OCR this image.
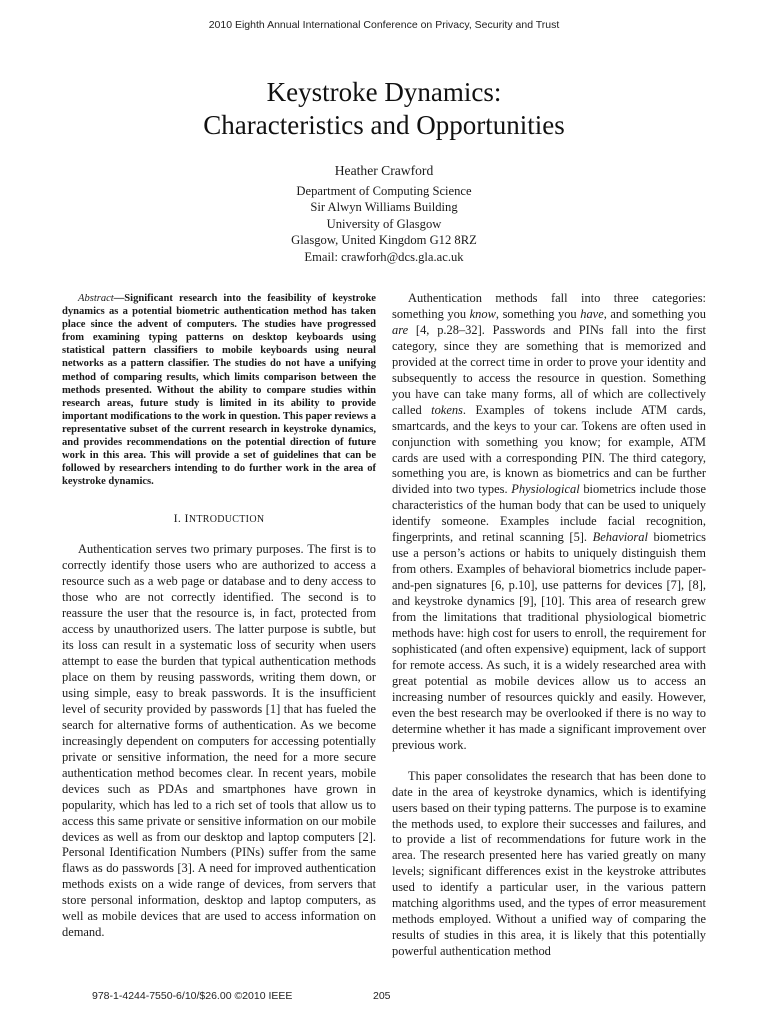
2010 Eighth Annual International Conference on Privacy, Security and Trust
Keystroke Dynamics:
Characteristics and Opportunities
Heather Crawford
Department of Computing Science
Sir Alwyn Williams Building
University of Glasgow
Glasgow, United Kingdom G12 8RZ
Email: crawforh@dcs.gla.ac.uk
Abstract—Significant research into the feasibility of keystroke dynamics as a potential biometric authentication method has taken place since the advent of computers. The studies have progressed from examining typing patterns on desktop keyboards using statistical pattern classifiers to mobile keyboards using neural networks as a pattern classifier. The studies do not have a unifying method of comparing results, which limits comparison between the methods presented. Without the ability to compare studies within research areas, future study is limited in its ability to provide important modifications to the work in question. This paper reviews a representative subset of the current research in keystroke dynamics, and provides recommendations on the potential direction of future work in this area. This will provide a set of guidelines that can be followed by researchers intending to do further work in the area of keystroke dynamics.
I. INTRODUCTION

Authentication serves two primary purposes. The first is to correctly identify those users who are authorized to access a resource such as a web page or database and to deny access to those who are not correctly identified. The second is to reassure the user that the resource is, in fact, protected from access by unauthorized users. The latter purpose is subtle, but its loss can result in a systematic loss of security when users attempt to ease the burden that typical authentication methods place on them by reusing passwords, writing them down, or using simple, easy to break passwords. It is the insufficient level of security provided by passwords [1] that has fueled the search for alternative forms of authentication. As we become increasingly dependent on computers for accessing potentially private or sensitive information, the need for a more secure authentication method becomes clear. In recent years, mobile devices such as PDAs and smartphones have grown in popularity, which has led to a rich set of tools that allow us to access this same private or sensitive information on our mobile devices as well as from our desktop and laptop computers [2]. Personal Identification Numbers (PINs) suffer from the same flaws as do passwords [3]. A need for improved authentication methods exists on a wide range of devices, from servers that store personal information, desktop and laptop computers, as well as mobile devices that are used to access information on demand.

Authentication methods fall into three categories: something you know, something you have, and something you are [4, p.28–32]. Passwords and PINs fall into the first category, since they are something that is memorized and provided at the correct time in order to prove your identity and subsequently to access the resource in question. Something you have can take many forms, all of which are collectively called tokens. Examples of tokens include ATM cards, smartcards, and the keys to your car. Tokens are often used in conjunction with something you know; for example, ATM cards are used with a corresponding PIN. The third category, something you are, is known as biometrics and can be further divided into two types. Physiological biometrics include those characteristics of the human body that can be used to uniquely identify someone. Examples include facial recognition, fingerprints, and retinal scanning [5]. Behavioral biometrics use a person’s actions or habits to uniquely distinguish them from others. Examples of behavioral biometrics include paper-and-pen signatures [6, p.10], use patterns for devices [7], [8], and keystroke dynamics [9], [10]. This area of research grew from the limitations that traditional physiological biometric methods have: high cost for users to enroll, the requirement for sophisticated (and often expensive) equipment, lack of support for remote access. As such, it is a widely researched area with great potential as mobile devices allow us to access an increasing number of resources quickly and easily. However, even the best research may be overlooked if there is no way to determine whether it has made a significant improvement over previous work.

This paper consolidates the research that has been done to date in the area of keystroke dynamics, which is identifying users based on their typing patterns. The purpose is to examine the methods used, to explore their successes and failures, and to provide a list of recommendations for future work in the area. The research presented here has varied greatly on many levels; significant differences exist in the keystroke attributes used to identify a particular user, in the various pattern matching algorithms used, and the types of error measurement methods employed. Without a unified way of comparing the results of studies in this area, it is likely that this potentially powerful authentication method

978-1-4244-7550-6/10/$26.00 ©2010 IEEE	205
